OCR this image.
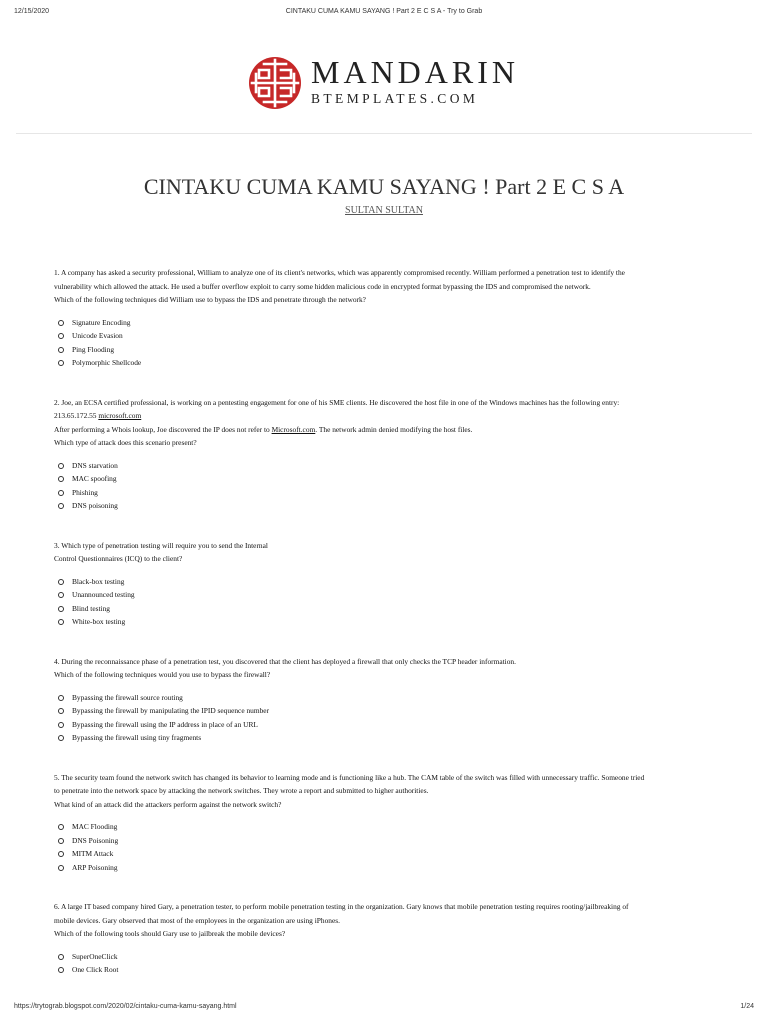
12/15/2020	CINTAKU CUMA KAMU SAYANG ! Part 2 E C S A - Try to Grab
MANDARIN
BTEMPLATES.COM
CINTAKU CUMA KAMU SAYANG ! Part 2 E C S A
SULTAN SULTAN

1. A company has asked a security professional, William to analyze one of its client's networks, which was apparently compromised recently. William performed a penetration test to identify the

vulnerability which allowed the attack. He used a buffer overflow exploit to carry some hidden malicious code in encrypted format bypassing the IDS and compromised the network.

Which of the following techniques did William use to bypass the IDS and penetrate through the network?

Signature Encoding
Unicode Evasion
Ping Flooding
Polymorphic Shellcode

2. Joe, an ECSA certified professional, is working on a pentesting engagement for one of his SME clients. He discovered the host file in one of the Windows machines has the following entry:

213.65.172.55 microsoft.com

After performing a Whois lookup, Joe discovered the IP does not refer to Microsoft.com. The network admin denied modifying the host files.

Which type of attack does this scenario present?

DNS starvation
MAC spoofing
Phishing
DNS poisoning

3. Which type of penetration testing will require you to send the Internal

Control Questionnaires (ICQ) to the client?

Black-box testing
Unannounced testing
Blind testing
White-box testing

4. During the reconnaissance phase of a penetration test, you discovered that the client has deployed a firewall that only checks the TCP header information.

Which of the following techniques would you use to bypass the firewall?

Bypassing the firewall source routing
Bypassing the firewall by manipulating the IPID sequence number
Bypassing the firewall using the IP address in place of an URL
Bypassing the firewall using tiny fragments

5. The security team found the network switch has changed its behavior to learning mode and is functioning like a hub. The CAM table of the switch was filled with unnecessary traffic. Someone tried

to penetrate into the network space by attacking the network switches. They wrote a report and submitted to higher authorities.

What kind of an attack did the attackers perform against the network switch?

MAC Flooding
DNS Poisoning
MITM Attack
ARP Poisoning

6. A large IT based company hired Gary, a penetration tester, to perform mobile penetration testing in the organization. Gary knows that mobile penetration testing requires rooting/jailbreaking of

mobile devices. Gary observed that most of the employees in the organization are using iPhones.

Which of the following tools should Gary use to jailbreak the mobile devices?

SuperOneClick
One Click Root
https://trytograb.blogspot.com/2020/02/cintaku-cuma-kamu-sayang.html	1/24
